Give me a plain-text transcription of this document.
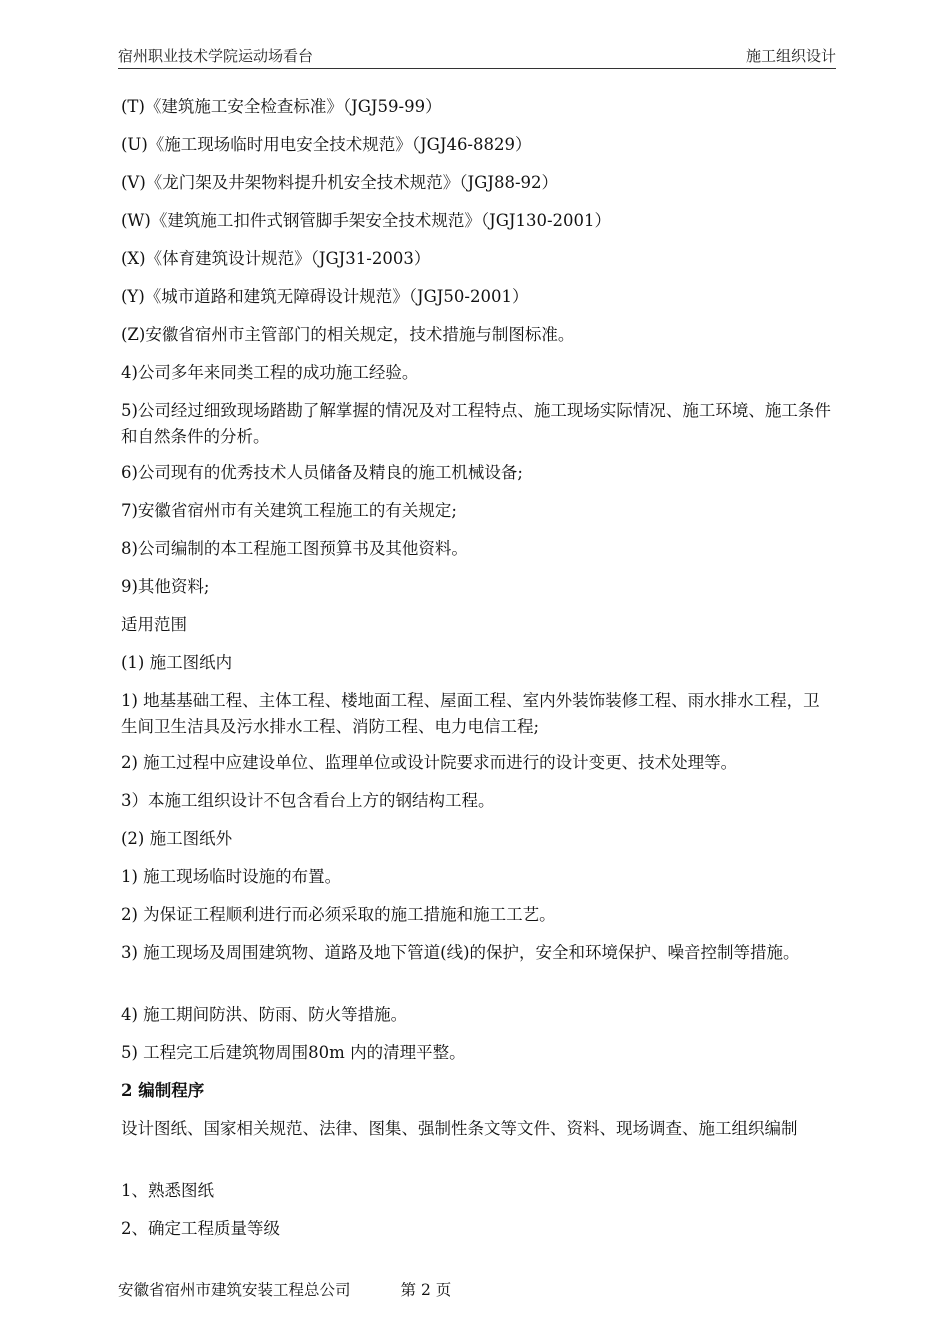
宿州职业技术学院运动场看台	施工组织设计

(T)《建筑施工安全检查标准》（JGJ59-99）

(U)《施工现场临时用电安全技术规范》（JGJ46-8829）

(V)《龙门架及井架物料提升机安全技术规范》（JGJ88-92）

(W)《建筑施工扣件式钢管脚手架安全技术规范》（JGJ130-2001）

(X)《体育建筑设计规范》（JGJ31-2003）

(Y)《城市道路和建筑无障碍设计规范》（JGJ50-2001）

(Z)安徽省宿州市主管部门的相关规定，技术措施与制图标准。

4)公司多年来同类工程的成功施工经验。

5)公司经过细致现场踏勘了解掌握的情况及对工程特点、施工现场实际情况、施工环境、施工条件和自然条件的分析。

6)公司现有的优秀技术人员储备及精良的施工机械设备;

7)安徽省宿州市有关建筑工程施工的有关规定;

8)公司编制的本工程施工图预算书及其他资料。

9)其他资料;

适用范围

(1) 施工图纸内

1) 地基基础工程、主体工程、楼地面工程、屋面工程、室内外装饰装修工程、雨水排水工程，卫生间卫生洁具及污水排水工程、消防工程、电力电信工程;

2) 施工过程中应建设单位、监理单位或设计院要求而进行的设计变更、技术处理等。

3）本施工组织设计不包含看台上方的钢结构工程。

(2) 施工图纸外

1) 施工现场临时设施的布置。

2) 为保证工程顺利进行而必须采取的施工措施和施工工艺。

3) 施工现场及周围建筑物、道路及地下管道(线)的保护，安全和环境保护、噪音控制等措施。

4) 施工期间防洪、防雨、防火等措施。

5) 工程完工后建筑物周围80m 内的清理平整。

2 编制程序

设计图纸、国家相关规范、法律、图集、强制性条文等文件、资料、现场调查、施工组织编制

1、熟悉图纸

2、确定工程质量等级

安徽省宿州市建筑安装工程总公司	第 2 页
